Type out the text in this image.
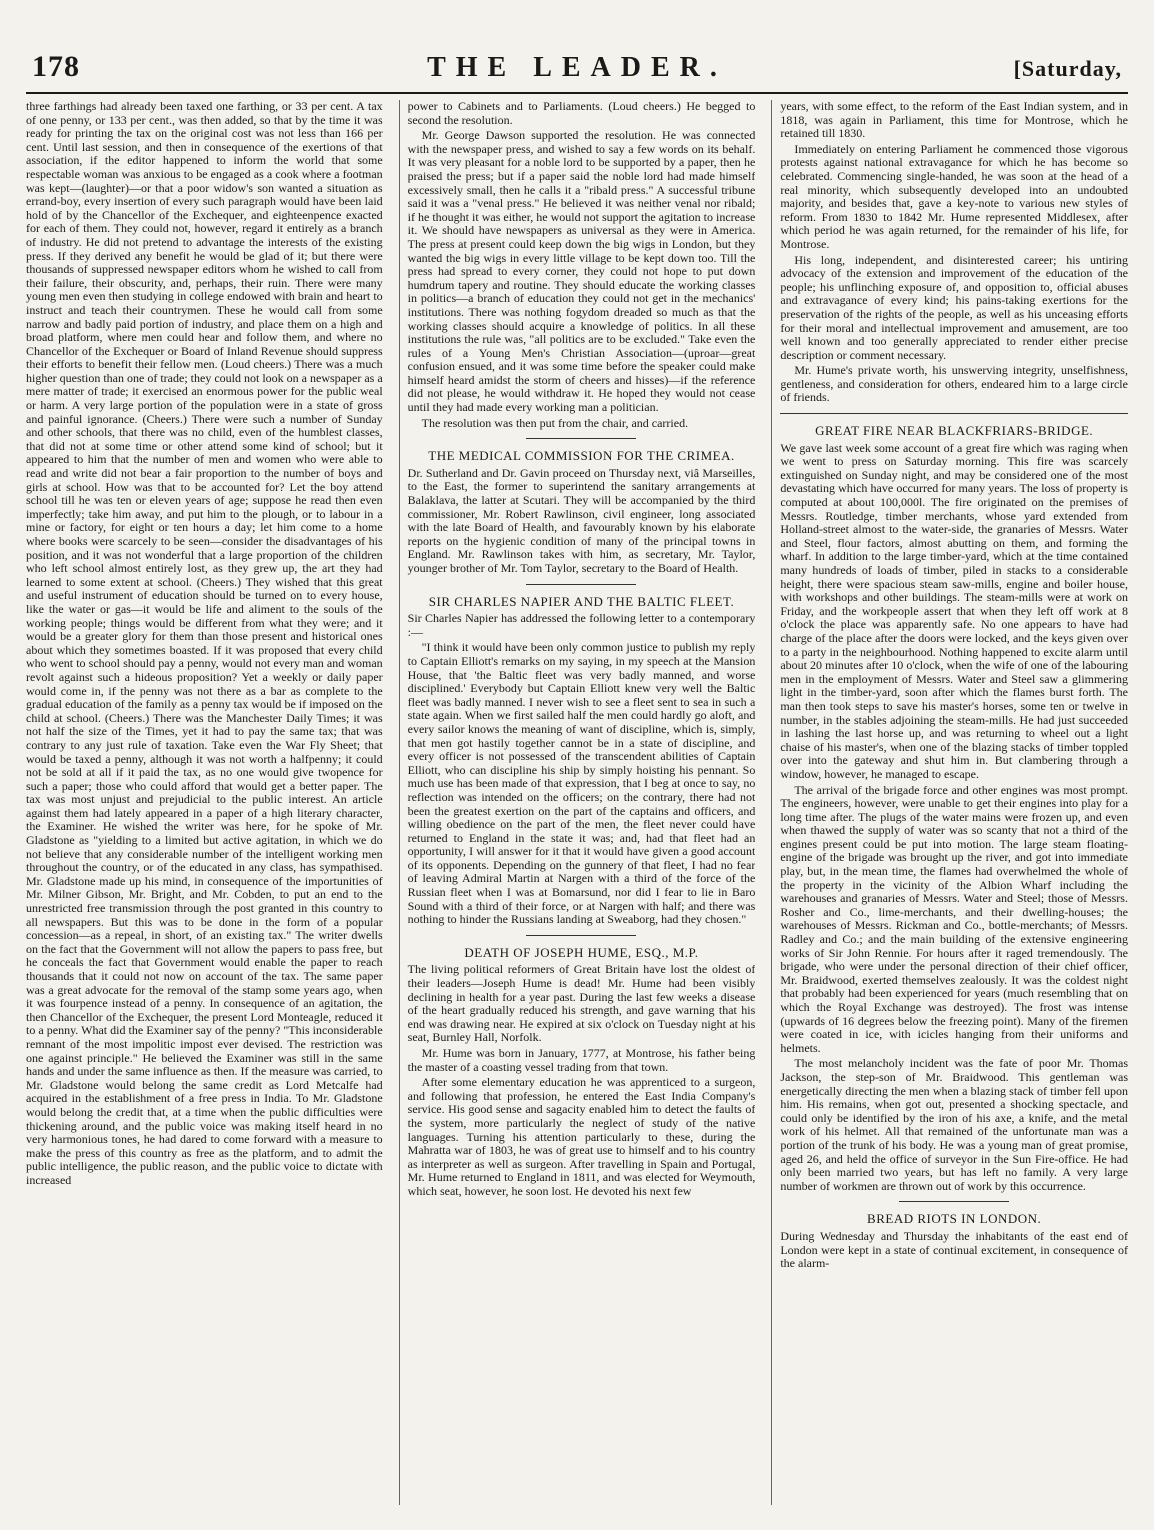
178	THE LEADER.	[Saturday,

three farthings had already been taxed one farthing, or 33 per cent. A tax of one penny, or 133 per cent., was then added, so that by the time it was ready for printing the tax on the original cost was not less than 166 per cent. Until last session, and then in consequence of the exertions of that association, if the editor happened to inform the world that some respectable woman was anxious to be engaged as a cook where a footman was kept—(laughter)—or that a poor widow's son wanted a situation as errand-boy, every insertion of every such paragraph would have been laid hold of by the Chancellor of the Exchequer, and eighteenpence exacted for each of them. They could not, however, regard it entirely as a branch of industry. He did not pretend to advantage the interests of the existing press. If they derived any benefit he would be glad of it; but there were thousands of suppressed newspaper editors whom he wished to call from their failure, their obscurity, and, perhaps, their ruin. There were many young men even then studying in college endowed with brain and heart to instruct and teach their countrymen. These he would call from some narrow and badly paid portion of industry, and place them on a high and broad platform, where men could hear and follow them, and where no Chancellor of the Exchequer or Board of Inland Revenue should suppress their efforts to benefit their fellow men. (Loud cheers.) There was a much higher question than one of trade; they could not look on a newspaper as a mere matter of trade; it exercised an enormous power for the public weal or harm. A very large portion of the population were in a state of gross and painful ignorance. (Cheers.) There were such a number of Sunday and other schools, that there was no child, even of the humblest classes, that did not at some time or other attend some kind of school; but it appeared to him that the number of men and women who were able to read and write did not bear a fair proportion to the number of boys and girls at school. How was that to be accounted for? Let the boy attend school till he was ten or eleven years of age; suppose he read then even imperfectly; take him away, and put him to the plough, or to labour in a mine or factory, for eight or ten hours a day; let him come to a home where books were scarcely to be seen—consider the disadvantages of his position, and it was not wonderful that a large proportion of the children who left school almost entirely lost, as they grew up, the art they had learned to some extent at school. (Cheers.) They wished that this great and useful instrument of education should be turned on to every house, like the water or gas—it would be life and aliment to the souls of the working people; things would be different from what they were; and it would be a greater glory for them than those present and historical ones about which they sometimes boasted. If it was proposed that every child who went to school should pay a penny, would not every man and woman revolt against such a hideous proposition? Yet a weekly or daily paper would come in, if the penny was not there as a bar as complete to the gradual education of the family as a penny tax would be if imposed on the child at school. (Cheers.) There was the Manchester Daily Times; it was not half the size of the Times, yet it had to pay the same tax; that was contrary to any just rule of taxation. Take even the War Fly Sheet; that would be taxed a penny, although it was not worth a halfpenny; it could not be sold at all if it paid the tax, as no one would give twopence for such a paper; those who could afford that would get a better paper. The tax was most unjust and prejudicial to the public interest. An article against them had lately appeared in a paper of a high literary character, the Examiner. He wished the writer was here, for he spoke of Mr. Gladstone as "yielding to a limited but active agitation, in which we do not believe that any considerable number of the intelligent working men throughout the country, or of the educated in any class, has sympathised. Mr. Gladstone made up his mind, in consequence of the importunities of Mr. Milner Gibson, Mr. Bright, and Mr. Cobden, to put an end to the unrestricted free transmission through the post granted in this country to all newspapers. But this was to be done in the form of a popular concession—as a repeal, in short, of an existing tax." The writer dwells on the fact that the Government will not allow the papers to pass free, but he conceals the fact that Government would enable the paper to reach thousands that it could not now on account of the tax. The same paper was a great advocate for the removal of the stamp some years ago, when it was fourpence instead of a penny. In consequence of an agitation, the then Chancellor of the Exchequer, the present Lord Monteagle, reduced it to a penny. What did the Examiner say of the penny? "This inconsiderable remnant of the most impolitic impost ever devised. The restriction was one against principle." He believed the Examiner was still in the same hands and under the same influence as then. If the measure was carried, to Mr. Gladstone would belong the same credit as Lord Metcalfe had acquired in the establishment of a free press in India. To Mr. Gladstone would belong the credit that, at a time when the public difficulties were thickening around, and the public voice was making itself heard in no very harmonious tones, he had dared to come forward with a measure to make the press of this country as free as the platform, and to admit the public intelligence, the public reason, and the public voice to dictate with increased

power to Cabinets and to Parliaments. (Loud cheers.) He begged to second the resolution.

Mr. George Dawson supported the resolution. He was connected with the newspaper press, and wished to say a few words on its behalf. It was very pleasant for a noble lord to be supported by a paper, then he praised the press; but if a paper said the noble lord had made himself excessively small, then he calls it a "ribald press." A successful tribune said it was a "venal press." He believed it was neither venal nor ribald; if he thought it was either, he would not support the agitation to increase it. We should have newspapers as universal as they were in America. The press at present could keep down the big wigs in London, but they wanted the big wigs in every little village to be kept down too. Till the press had spread to every corner, they could not hope to put down humdrum tapery and routine. They should educate the working classes in politics—a branch of education they could not get in the mechanics' institutions. There was nothing fogydom dreaded so much as that the working classes should acquire a knowledge of politics. In all these institutions the rule was, "all politics are to be excluded." Take even the rules of a Young Men's Christian Association—(uproar—great confusion ensued, and it was some time before the speaker could make himself heard amidst the storm of cheers and hisses)—if the reference did not please, he would withdraw it. He hoped they would not cease until they had made every working man a politician.

The resolution was then put from the chair, and carried.

THE MEDICAL COMMISSION FOR THE CRIMEA.

Dr. Sutherland and Dr. Gavin proceed on Thursday next, viâ Marseilles, to the East, the former to superintend the sanitary arrangements at Balaklava, the latter at Scutari. They will be accompanied by the third commissioner, Mr. Robert Rawlinson, civil engineer, long associated with the late Board of Health, and favourably known by his elaborate reports on the hygienic condition of many of the principal towns in England. Mr. Rawlinson takes with him, as secretary, Mr. Taylor, younger brother of Mr. Tom Taylor, secretary to the Board of Health.

SIR CHARLES NAPIER AND THE BALTIC FLEET.

Sir Charles Napier has addressed the following letter to a contemporary :—

"I think it would have been only common justice to publish my reply to Captain Elliott's remarks on my saying, in my speech at the Mansion House, that 'the Baltic fleet was very badly manned, and worse disciplined.' Everybody but Captain Elliott knew very well the Baltic fleet was badly manned. I never wish to see a fleet sent to sea in such a state again. When we first sailed half the men could hardly go aloft, and every sailor knows the meaning of want of discipline, which is, simply, that men got hastily together cannot be in a state of discipline, and every officer is not possessed of the transcendent abilities of Captain Elliott, who can discipline his ship by simply hoisting his pennant. So much use has been made of that expression, that I beg at once to say, no reflection was intended on the officers; on the contrary, there had not been the greatest exertion on the part of the captains and officers, and willing obedience on the part of the men, the fleet never could have returned to England in the state it was; and, had that fleet had an opportunity, I will answer for it that it would have given a good account of its opponents. Depending on the gunnery of that fleet, I had no fear of leaving Admiral Martin at Nargen with a third of the force of the Russian fleet when I was at Bomarsund, nor did I fear to lie in Baro Sound with a third of their force, or at Nargen with half; and there was nothing to hinder the Russians landing at Sweaborg, had they chosen."

DEATH OF JOSEPH HUME, ESQ., M.P.

The living political reformers of Great Britain have lost the oldest of their leaders—Joseph Hume is dead! Mr. Hume had been visibly declining in health for a year past. During the last few weeks a disease of the heart gradually reduced his strength, and gave warning that his end was drawing near. He expired at six o'clock on Tuesday night at his seat, Burnley Hall, Norfolk.

Mr. Hume was born in January, 1777, at Montrose, his father being the master of a coasting vessel trading from that town.

After some elementary education he was apprenticed to a surgeon, and following that profession, he entered the East India Company's service. His good sense and sagacity enabled him to detect the faults of the system, more particularly the neglect of study of the native languages. Turning his attention particularly to these, during the Mahratta war of 1803, he was of great use to himself and to his country as interpreter as well as surgeon. After travelling in Spain and Portugal, Mr. Hume returned to England in 1811, and was elected for Weymouth, which seat, however, he soon lost. He devoted his next few

years, with some effect, to the reform of the East Indian system, and in 1818, was again in Parliament, this time for Montrose, which he retained till 1830.

Immediately on entering Parliament he commenced those vigorous protests against national extravagance for which he has become so celebrated. Commencing single-handed, he was soon at the head of a real minority, which subsequently developed into an undoubted majority, and besides that, gave a key-note to various new styles of reform. From 1830 to 1842 Mr. Hume represented Middlesex, after which period he was again returned, for the remainder of his life, for Montrose.

His long, independent, and disinterested career; his untiring advocacy of the extension and improvement of the education of the people; his unflinching exposure of, and opposition to, official abuses and extravagance of every kind; his pains-taking exertions for the preservation of the rights of the people, as well as his unceasing efforts for their moral and intellectual improvement and amusement, are too well known and too generally appreciated to render either precise description or comment necessary.

Mr. Hume's private worth, his unswerving integrity, unselfishness, gentleness, and consideration for others, endeared him to a large circle of friends.

GREAT FIRE NEAR BLACKFRIARS-BRIDGE.

We gave last week some account of a great fire which was raging when we went to press on Saturday morning. This fire was scarcely extinguished on Sunday night, and may be considered one of the most devastating which have occurred for many years. The loss of property is computed at about 100,000l. The fire originated on the premises of Messrs. Routledge, timber merchants, whose yard extended from Holland-street almost to the water-side, the granaries of Messrs. Water and Steel, flour factors, almost abutting on them, and forming the wharf. In addition to the large timber-yard, which at the time contained many hundreds of loads of timber, piled in stacks to a considerable height, there were spacious steam saw-mills, engine and boiler house, with workshops and other buildings. The steam-mills were at work on Friday, and the workpeople assert that when they left off work at 8 o'clock the place was apparently safe. No one appears to have had charge of the place after the doors were locked, and the keys given over to a party in the neighbourhood. Nothing happened to excite alarm until about 20 minutes after 10 o'clock, when the wife of one of the labouring men in the employment of Messrs. Water and Steel saw a glimmering light in the timber-yard, soon after which the flames burst forth. The man then took steps to save his master's horses, some ten or twelve in number, in the stables adjoining the steam-mills. He had just succeeded in lashing the last horse up, and was returning to wheel out a light chaise of his master's, when one of the blazing stacks of timber toppled over into the gateway and shut him in. But clambering through a window, however, he managed to escape.

The arrival of the brigade force and other engines was most prompt. The engineers, however, were unable to get their engines into play for a long time after. The plugs of the water mains were frozen up, and even when thawed the supply of water was so scanty that not a third of the engines present could be put into motion. The large steam floating-engine of the brigade was brought up the river, and got into immediate play, but, in the mean time, the flames had overwhelmed the whole of the property in the vicinity of the Albion Wharf including the warehouses and granaries of Messrs. Water and Steel; those of Messrs. Rosher and Co., lime-merchants, and their dwelling-houses; the warehouses of Messrs. Rickman and Co., bottle-merchants; of Messrs. Radley and Co.; and the main building of the extensive engineering works of Sir John Rennie. For hours after it raged tremendously. The brigade, who were under the personal direction of their chief officer, Mr. Braidwood, exerted themselves zealously. It was the coldest night that probably had been experienced for years (much resembling that on which the Royal Exchange was destroyed). The frost was intense (upwards of 16 degrees below the freezing point). Many of the firemen were coated in ice, with icicles hanging from their uniforms and helmets.

The most melancholy incident was the fate of poor Mr. Thomas Jackson, the step-son of Mr. Braidwood. This gentleman was energetically directing the men when a blazing stack of timber fell upon him. His remains, when got out, presented a shocking spectacle, and could only be identified by the iron of his axe, a knife, and the metal work of his helmet. All that remained of the unfortunate man was a portion of the trunk of his body. He was a young man of great promise, aged 26, and held the office of surveyor in the Sun Fire-office. He had only been married two years, but has left no family. A very large number of workmen are thrown out of work by this occurrence.

BREAD RIOTS IN LONDON.

During Wednesday and Thursday the inhabitants of the east end of London were kept in a state of continual excitement, in consequence of the alarm-
